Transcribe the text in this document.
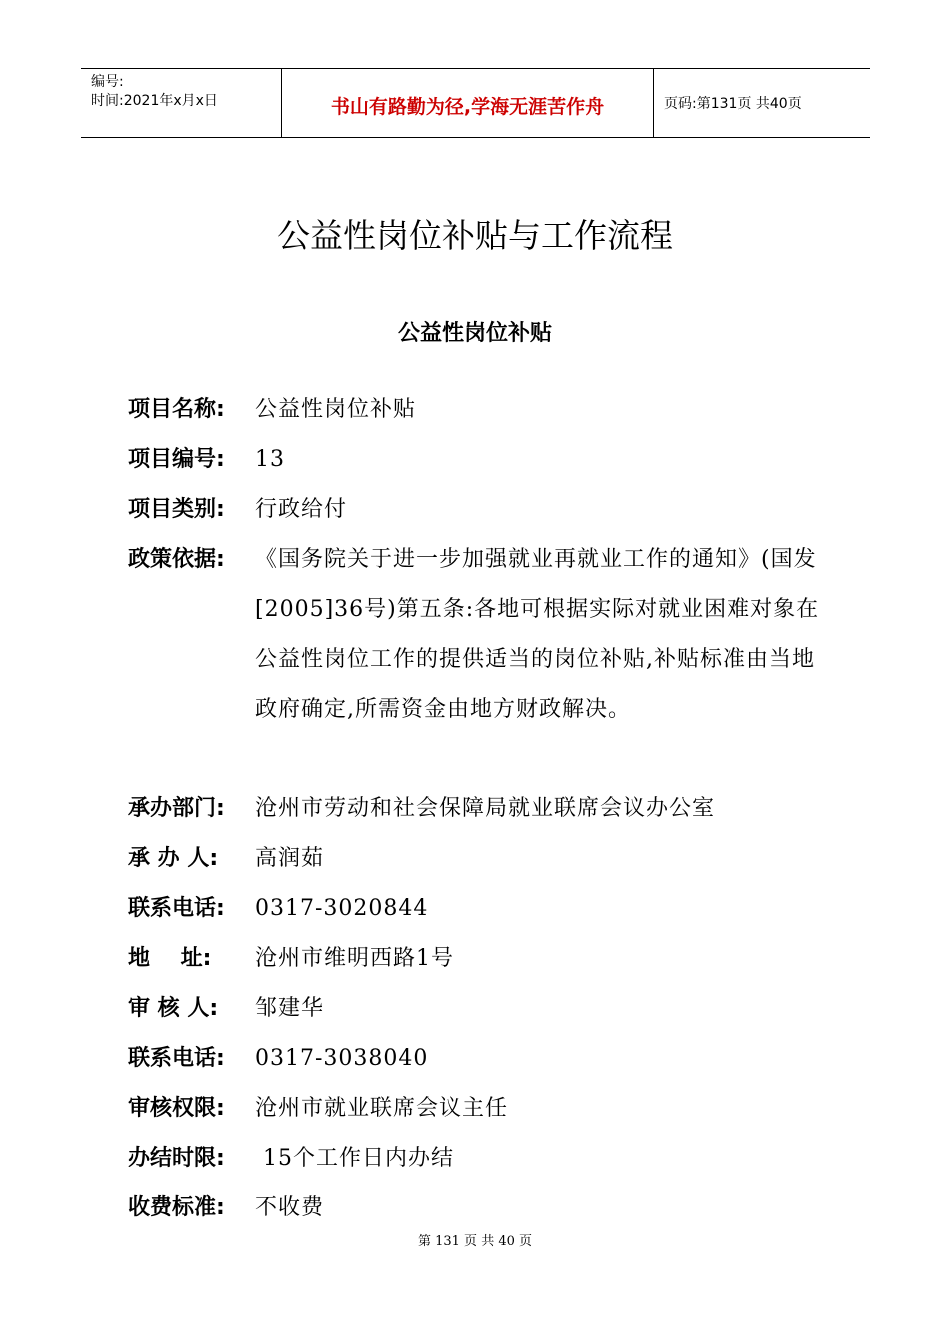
编号:
时间:2021年x月x日	书山有路勤为径,学海无涯苦作舟	页码:第131页 共40页
公益性岗位补贴与工作流程
公益性岗位补贴
项目名称:	公益性岗位补贴
项目编号:	13
项目类别:	行政给付
政策依据:	《国务院关于进一步加强就业再就业工作的通知》(国发[2005]36号)第五条:各地可根据实际对就业困难对象在公益性岗位工作的提供适当的岗位补贴,补贴标准由当地政府确定,所需资金由地方财政解决。
承办部门:	沧州市劳动和社会保障局就业联席会议办公室
承 办 人:	高润茹
联系电话:	0317-3020844
地    址:	沧州市维明西路1号
审 核 人:	邹建华
联系电话:	0317-3038040
审核权限:	沧州市就业联席会议主任
办结时限:	15个工作日内办结
收费标准:	不收费
第 131 页 共 40 页
